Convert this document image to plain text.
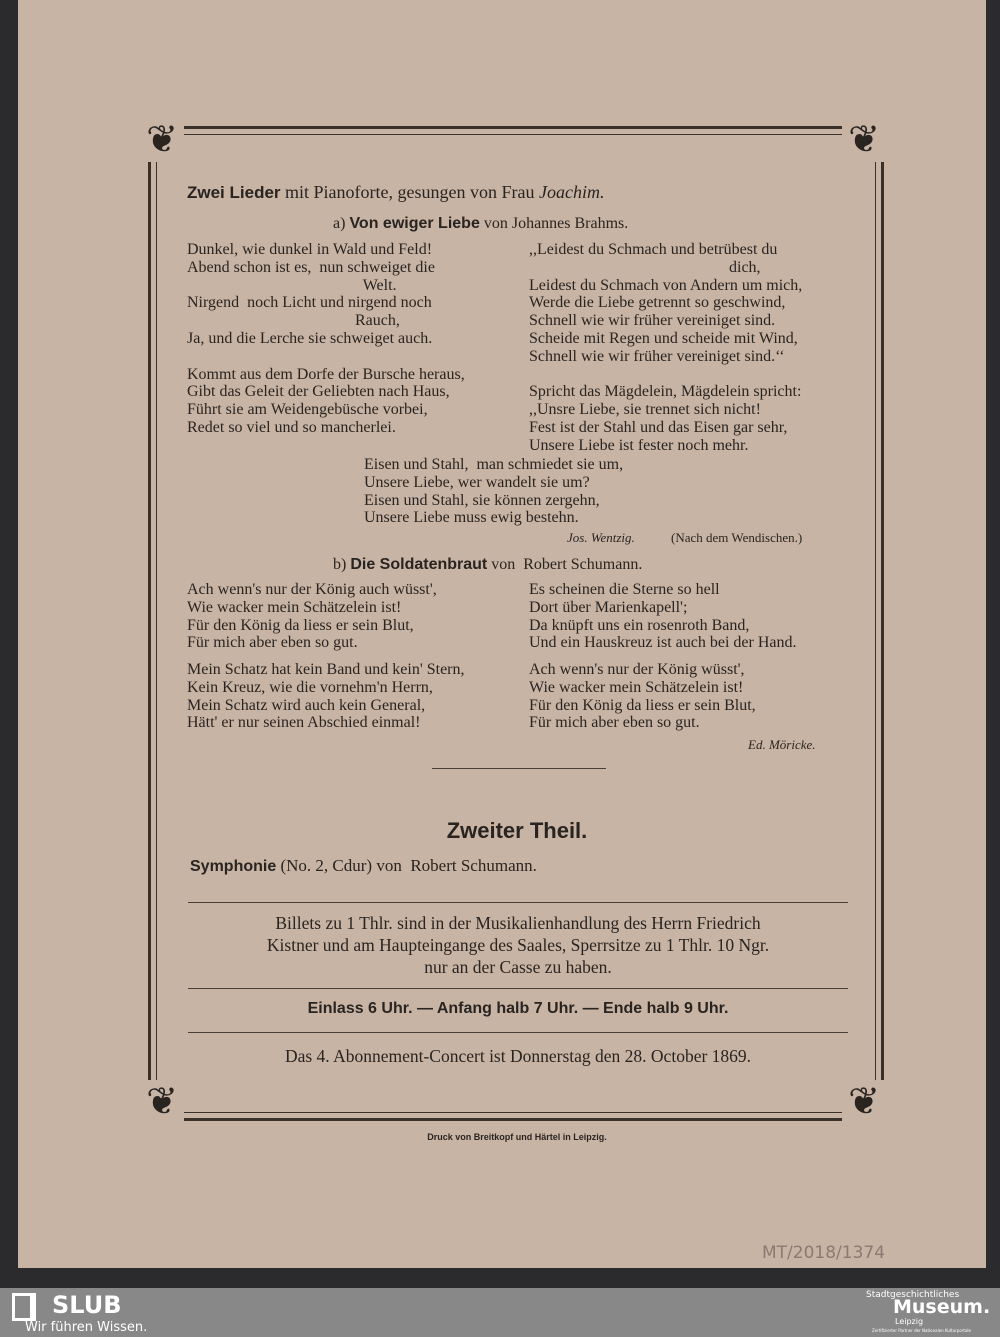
❦	❦
❦	❦
Zwei Lieder mit Pianoforte, gesungen von Frau Joachim.
a) Von ewiger Liebe von Johannes Brahms.
Dunkel, wie dunkel in Wald und Feld!
Abend schon ist es,  nun schweiget die
Welt.
Nirgend  noch Licht und nirgend noch
Rauch,
Ja, und die Lerche sie schweiget auch.

Kommt aus dem Dorfe der Bursche heraus,
Gibt das Geleit der Geliebten nach Haus,
Führt sie am Weidengebüsche vorbei,
Redet so viel und so mancherlei.
,,Leidest du Schmach und betrübest du
dich,
Leidest du Schmach von Andern um mich,
Werde die Liebe getrennt so geschwind,
Schnell wie wir früher vereiniget sind.
Scheide mit Regen und scheide mit Wind,
Schnell wie wir früher vereiniget sind.‘‘

Spricht das Mägdelein, Mägdelein spricht:
,,Unsre Liebe, sie trennet sich nicht!
Fest ist der Stahl und das Eisen gar sehr,
Unsere Liebe ist fester noch mehr.
Eisen und Stahl,  man schmiedet sie um,
Unsere Liebe, wer wandelt sie um?
Eisen und Stahl, sie können zergehn,
Unsere Liebe muss ewig bestehn.
Jos. Wentzig.	(Nach dem Wendischen.)
b) Die Soldatenbraut von  Robert Schumann.
Ach wenn's nur der König auch wüsst',
Wie wacker mein Schätzelein ist!
Für den König da liess er sein Blut,
Für mich aber eben so gut.
Mein Schatz hat kein Band und kein' Stern,
Kein Kreuz, wie die vornehm'n Herrn,
Mein Schatz wird auch kein General,
Hätt' er nur seinen Abschied einmal!
Es scheinen die Sterne so hell
Dort über Marienkapell';
Da knüpft uns ein rosenroth Band,
Und ein Hauskreuz ist auch bei der Hand.
Ach wenn's nur der König wüsst',
Wie wacker mein Schätzelein ist!
Für den König da liess er sein Blut,
Für mich aber eben so gut.
Ed. Möricke.
Zweiter Theil.
Symphonie (No. 2, Cdur) von  Robert Schumann.
Billets zu 1 Thlr. sind in der Musikalienhandlung des Herrn Friedrich
Kistner und am Haupteingange des Saales, Sperrsitze zu 1 Thlr. 10 Ngr.
nur an der Casse zu haben.
Einlass 6 Uhr. — Anfang halb 7 Uhr. — Ende halb 9 Uhr.
Das 4. Abonnement-Concert ist Donnerstag den 28. October 1869.
Druck von Breitkopf und Härtel in Leipzig.
MT/2018/1374
SLUB
Wir führen Wissen.
Stadtgeschichtliches
Museum.
Leipzig
Zertifizierter Partner der Nationalen Kulturportale
